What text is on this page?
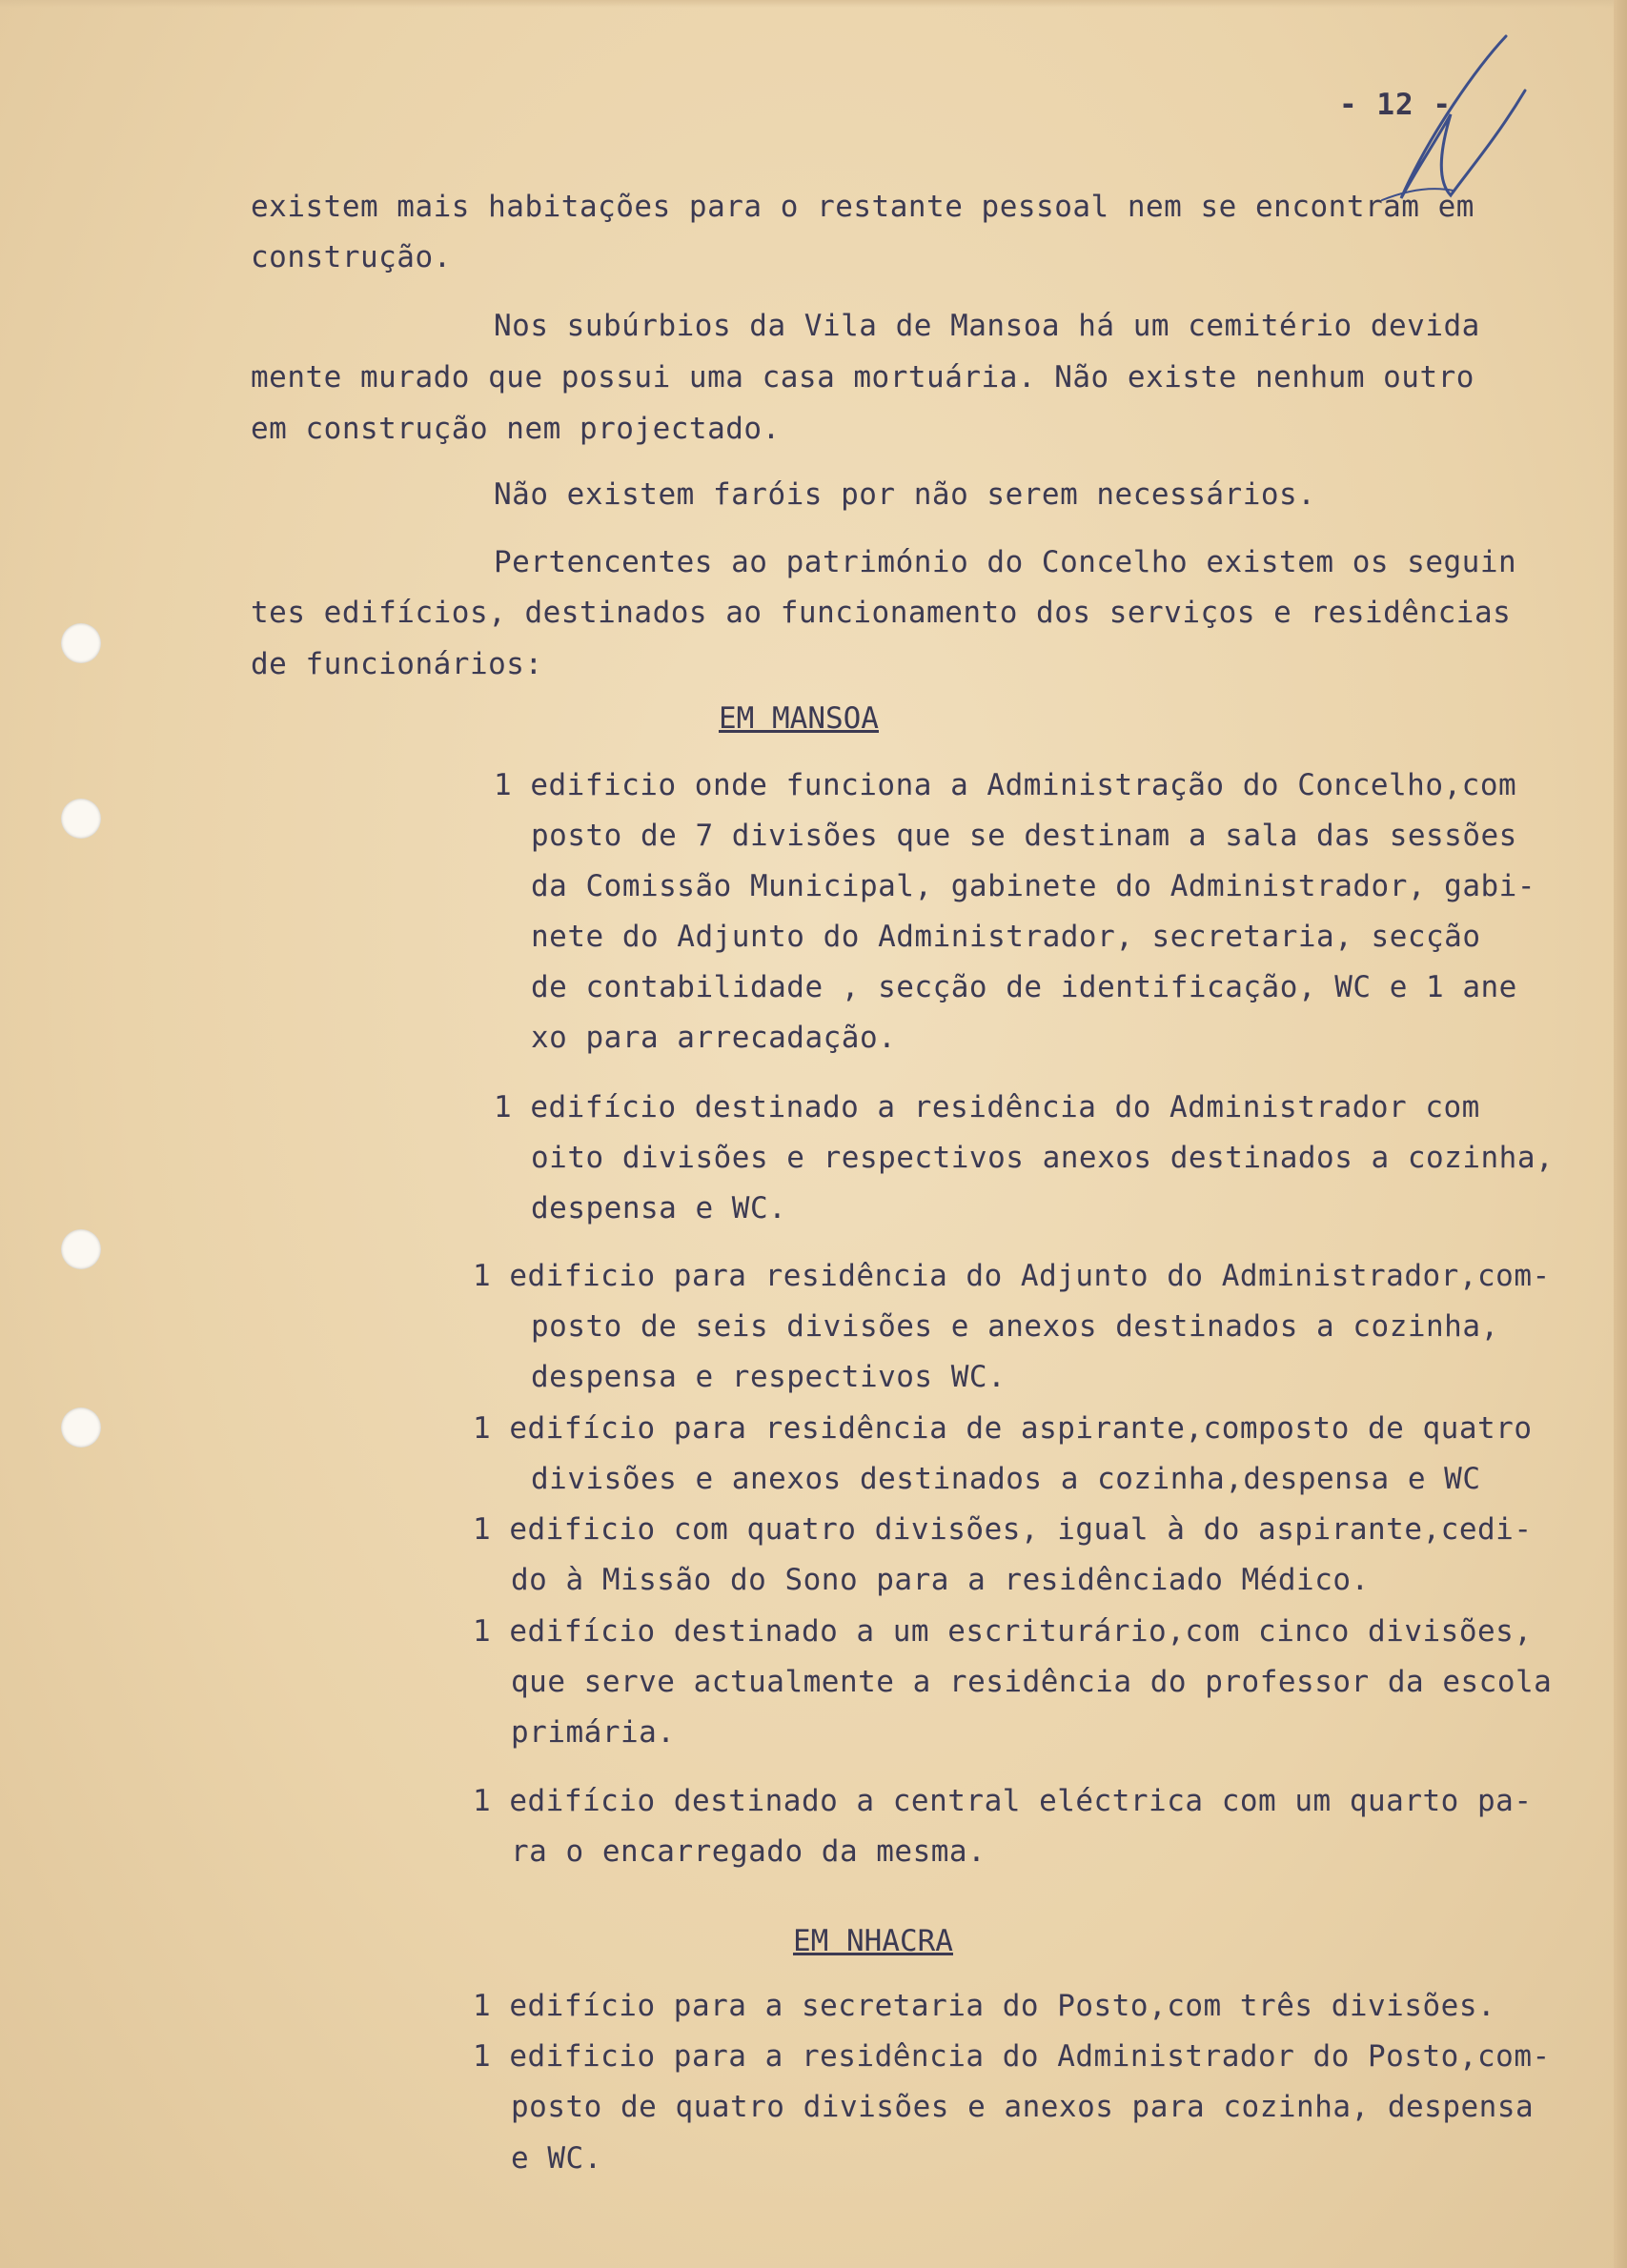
- 12 -
existem mais habitações para o restante pessoal nem se encontram em
construção.
Nos subúrbios da Vila de Mansoa há um cemitério devida
mente murado que possui uma casa mortuária. Não existe nenhum outro
em construção nem projectado.
Não existem faróis por não serem necessários.
Pertencentes ao património do Concelho existem os seguin
tes edifícios, destinados ao funcionamento dos serviços e residências
de funcionários:
EM MANSOA
1 edificio onde funciona a Administração do Concelho,com
posto de 7 divisões que se destinam a sala das sessões
da Comissão Municipal, gabinete do Administrador, gabi-
nete do Adjunto do Administrador, secretaria, secção
de contabilidade , secção de identificação, WC e 1 ane
xo para arrecadação.
1 edifício destinado a residência do Administrador com
oito divisões e respectivos anexos destinados a cozinha,
despensa e WC.
1 edificio para residência do Adjunto do Administrador,com-
posto de seis divisões e anexos destinados a cozinha,
despensa e respectivos WC.
1 edifício para residência de aspirante,composto de quatro
divisões e anexos destinados a cozinha,despensa e WC
1 edificio com quatro divisões, igual à do aspirante,cedi-
do à Missão do Sono para a residênciado Médico.
1 edifício destinado a um escriturário,com cinco divisões,
que serve actualmente a residência do professor da escola
primária.
1 edifício destinado a central eléctrica com um quarto pa-
ra o encarregado da mesma.
EM NHACRA
1 edifício para a secretaria do Posto,com três divisões.
1 edificio para a residência do Administrador do Posto,com-
posto de quatro divisões e anexos para cozinha, despensa
e WC.
